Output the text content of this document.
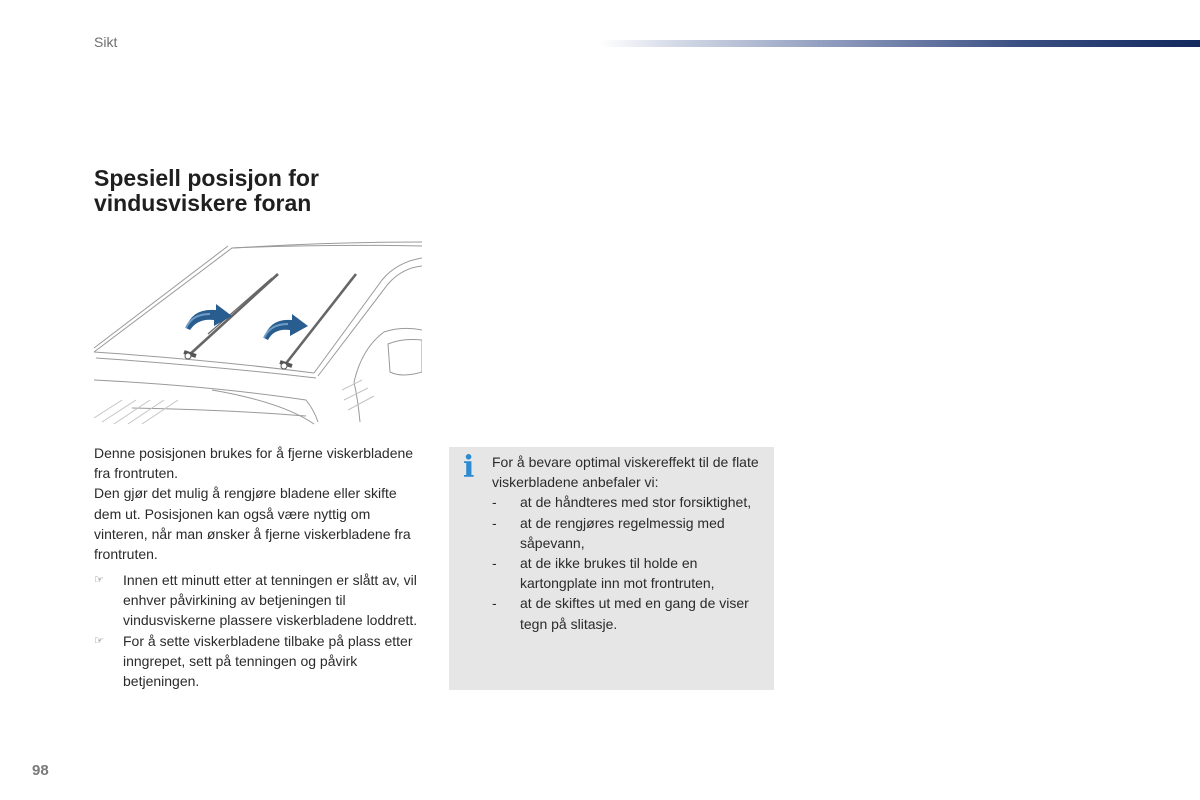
Sikt
Spesiell posisjon for vindusviskere foran

Denne posisjonen brukes for å fjerne viskerbladene fra frontruten.

Den gjør det mulig å rengjøre bladene eller skifte dem ut. Posisjonen kan også være nyttig om vinteren, når man ønsker å fjerne viskerbladene fra frontruten.

☞ Innen ett minutt etter at tenningen er slått av, vil enhver påvirkining av betjeningen til vindusviskerne plassere viskerbladene loddrett.
☞ For å sette viskerbladene tilbake på plass etter inngrepet, sett på tenningen og påvirk betjeningen.
i For å bevare optimal viskereffekt til de flate viskerbladene anbefaler vi:

- at de håndteres med stor forsiktighet,
- at de rengjøres regelmessig med såpevann,
- at de ikke brukes til holde en kartongplate inn mot frontruten,
- at de skiftes ut med en gang de viser tegn på slitasje.
98
